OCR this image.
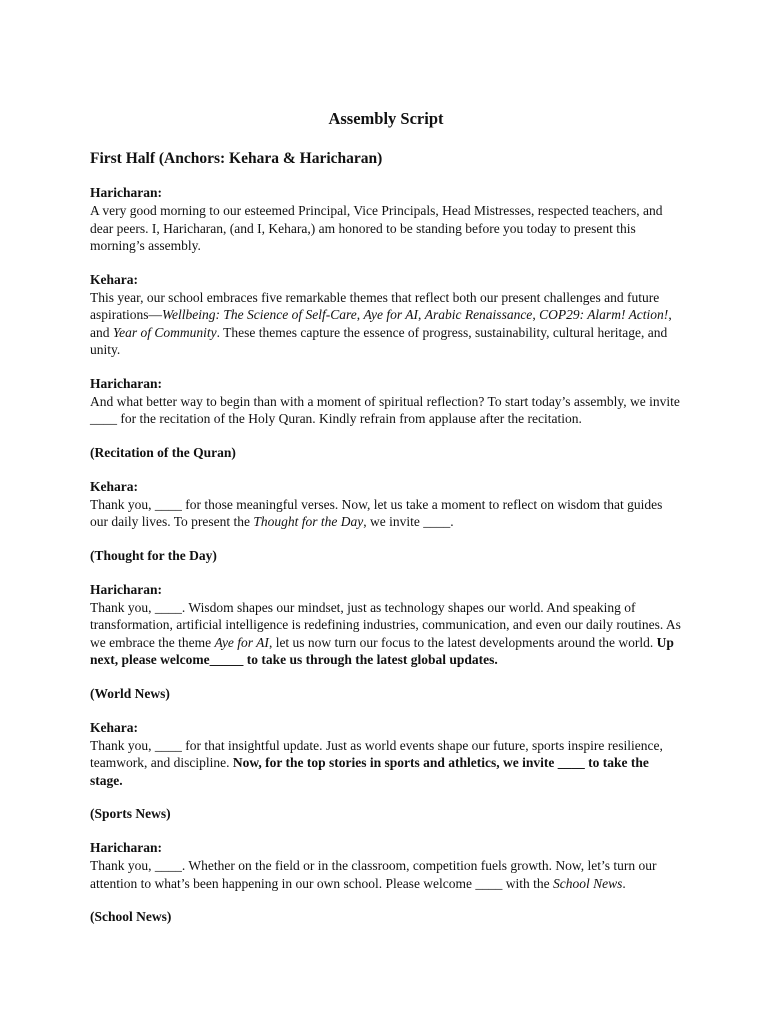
Assembly Script
First Half (Anchors: Kehara & Haricharan)
Haricharan:

A very good morning to our esteemed Principal, Vice Principals, Head Mistresses, respected teachers, and dear peers. I, Haricharan, (and I, Kehara,) am honored to be standing before you today to present this morning’s assembly.

Kehara:

This year, our school embraces five remarkable themes that reflect both our present challenges and future aspirations—Wellbeing: The Science of Self-Care, Aye for AI, Arabic Renaissance, COP29: Alarm! Action!, and Year of Community. These themes capture the essence of progress, sustainability, cultural heritage, and unity.

Haricharan:

And what better way to begin than with a moment of spiritual reflection? To start today’s assembly, we invite ____ for the recitation of the Holy Quran. Kindly refrain from applause after the recitation.

(Recitation of the Quran)
Kehara:

Thank you, ____ for those meaningful verses. Now, let us take a moment to reflect on wisdom that guides our daily lives. To present the Thought for the Day, we invite ____.

(Thought for the Day)
Haricharan:

Thank you, ____. Wisdom shapes our mindset, just as technology shapes our world. And speaking of transformation, artificial intelligence is redefining industries, communication, and even our daily routines. As we embrace the theme Aye for AI, let us now turn our focus to the latest developments around the world. Up next, please welcome_____ to take us through the latest global updates.

(World News)
Kehara:

Thank you, ____ for that insightful update. Just as world events shape our future, sports inspire resilience, teamwork, and discipline. Now, for the top stories in sports and athletics, we invite ____ to take the stage.

(Sports News)
Haricharan:

Thank you, ____. Whether on the field or in the classroom, competition fuels growth. Now, let’s turn our attention to what’s been happening in our own school. Please welcome ____ with the School News.

(School News)
